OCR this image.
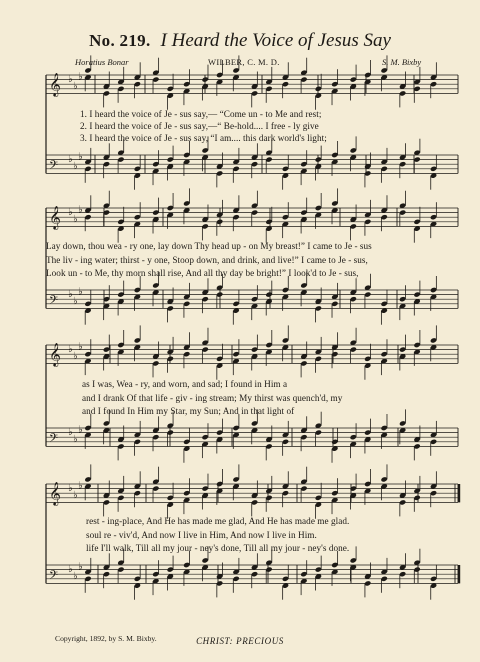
♭
♭
♭
𝄞
♭
♭
♭
𝄢
♭
♭
♭
𝄞
♭
♭
♭
𝄢
♭
♭
♭
𝄞
♭
♭
♭
𝄢
♭
♭
♭
𝄞
♭
♭
♭
𝄢
No. 219. I Heard the Voice of Jesus Say
Horatius Bonar	WILBER, C. M. D.	S. M. Bixby
1. I heard the voice of Je - sus say,— “Come un - to Me and rest;
2. I heard the voice of Je - sus say,—“ Be-hold.... I free - ly give
3. I heard the voice of Je - sus say, “I am.... this dark world's light;
Lay down, thou wea - ry one, lay down Thy head up - on My breast!” I came to Je - sus
The liv - ing water; thirst - y one, Stoop down, and drink, and live!” I came to Je - sus,
Look un - to Me, thy morn shall rise, And all thy day be bright!” I look'd to Je - sus,
as I was, Wea - ry, and worn, and sad; I found in Him a
and I drank Of that life - giv - ing stream; My thirst was quench'd, my
and I found In Him my Star, my Sun; And in that light of
rest - ing-place, And He has made me glad, And He has made me glad.
soul re - viv'd, And now I live in Him, And now I live in Him.
life I'll walk, Till all my jour - ney's done, Till all my jour - ney's done.
Copyright, 1892, by S. M. Bixby.	CHRIST: PRECIOUS
